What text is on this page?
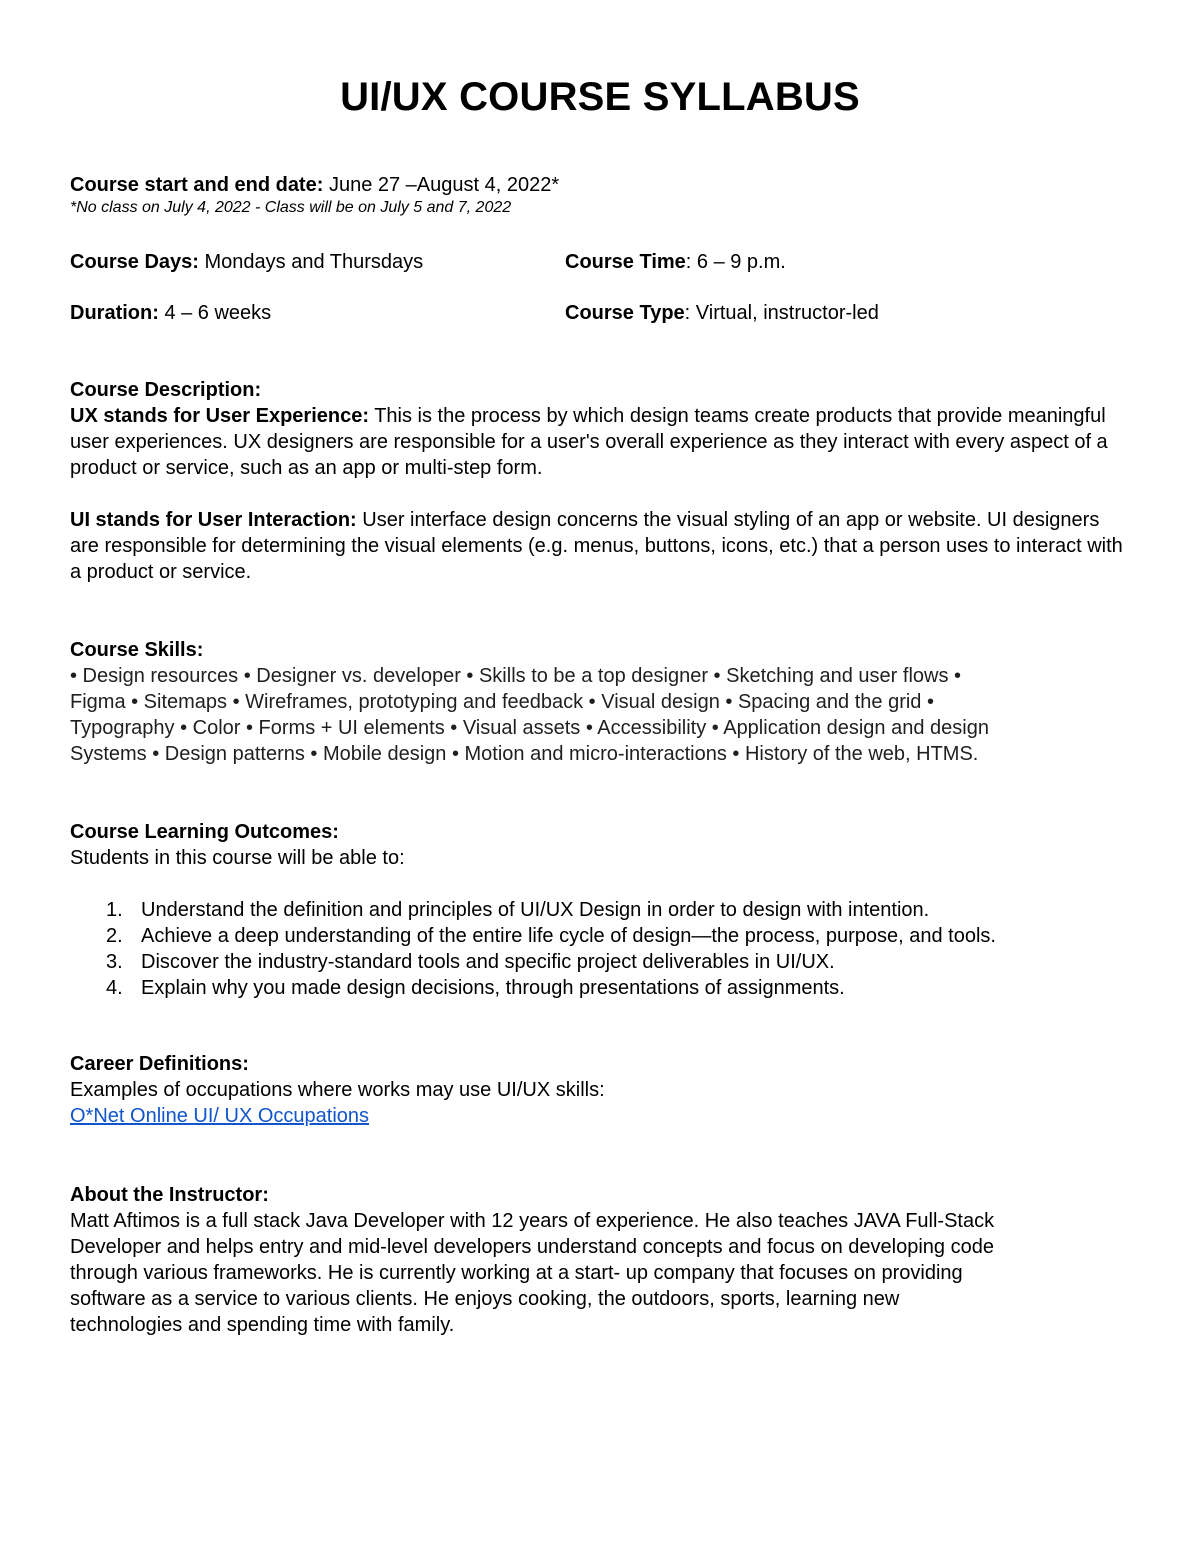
UI/UX COURSE SYLLABUS
Course start and end date: June 27 –August 4, 2022*
*No class on July 4, 2022 - Class will be on July 5 and 7, 2022
Course Days: Mondays and Thursdays	Course Time: 6 – 9 p.m.
Duration: 4 – 6 weeks	Course Type: Virtual, instructor-led
Course Description:

UX stands for User Experience: This is the process by which design teams create products that provide meaningful user experiences. UX designers are responsible for a user's overall experience as they interact with every aspect of a product or service, such as an app or multi-step form.

UI stands for User Interaction: User interface design concerns the visual styling of an app or website. UI designers are responsible for determining the visual elements (e.g. menus, buttons, icons, etc.) that a person uses to interact with a product or service.

Course Skills:
• Design resources • Designer vs. developer • Skills to be a top designer • Sketching and user flows •
Figma • Sitemaps • Wireframes, prototyping and feedback • Visual design • Spacing and the grid •
Typography • Color • Forms + UI elements • Visual assets • Accessibility • Application design and design
Systems • Design patterns • Mobile design • Motion and micro-interactions • History of the web, HTMS.
Course Learning Outcomes:
Students in this course will be able to:
1. Understand the definition and principles of UI/UX Design in order to design with intention.
2. Achieve a deep understanding of the entire life cycle of design—the process, purpose, and tools.
3. Discover the industry-standard tools and specific project deliverables in UI/UX.
4. Explain why you made design decisions, through presentations of assignments.
Career Definitions:
Examples of occupations where works may use UI/UX skills:
O*Net Online UI/ UX Occupations
About the Instructor:
Matt Aftimos is a full stack Java Developer with 12 years of experience. He also teaches JAVA Full-Stack
Developer and helps entry and mid-level developers understand concepts and focus on developing code
through various frameworks. He is currently working at a start- up company that focuses on providing
software as a service to various clients. He enjoys cooking, the outdoors, sports, learning new
technologies and spending time with family.
